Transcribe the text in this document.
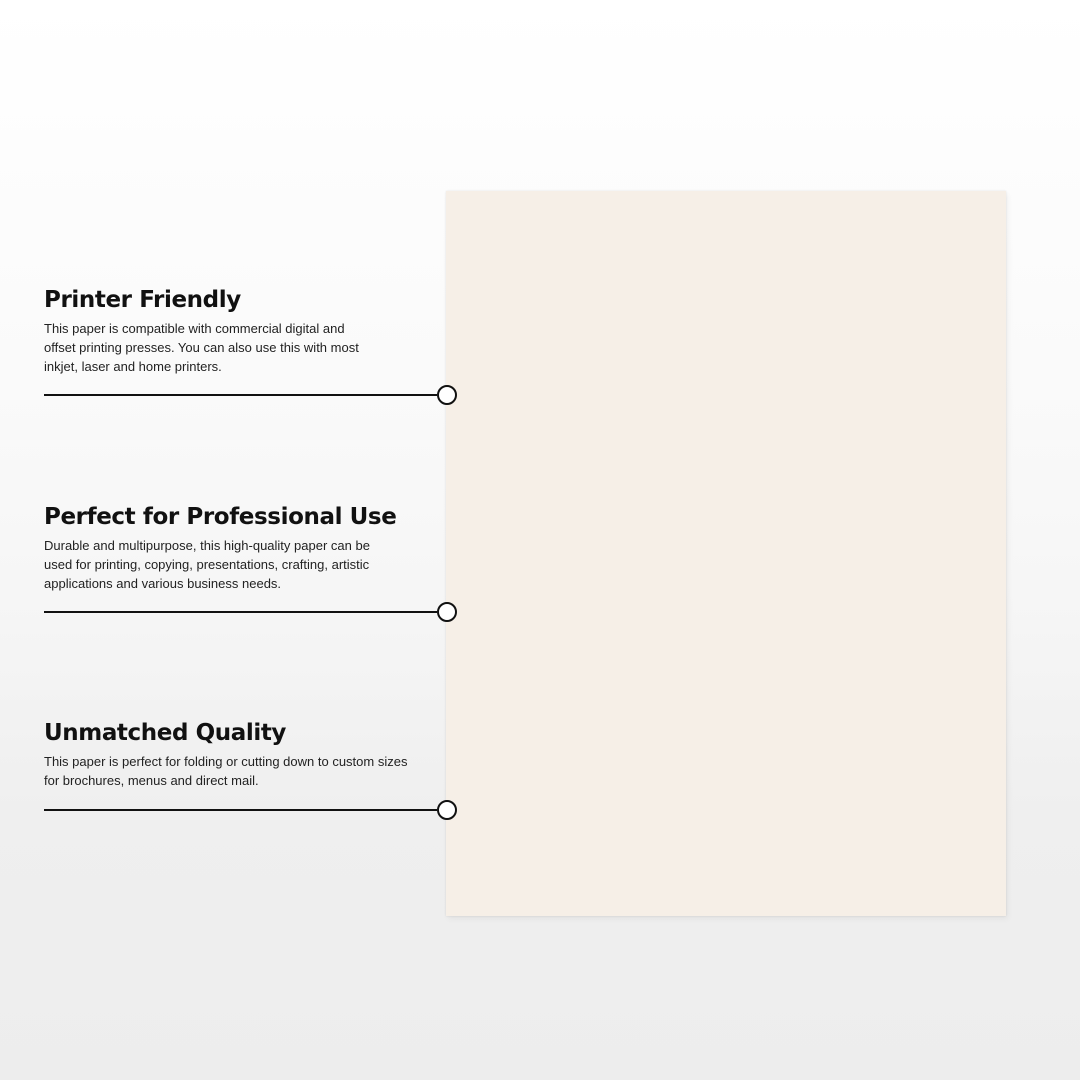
Printer Friendly

This paper is compatible with commercial digital and
offset printing presses. You can also use this with most
inkjet, laser and home printers.

Perfect for Professional Use

Durable and multipurpose, this high-quality paper can be
used for printing, copying, presentations, crafting, artistic
applications and various business needs.

Unmatched Quality

This paper is perfect for folding or cutting down to custom sizes
for brochures, menus and direct mail.
